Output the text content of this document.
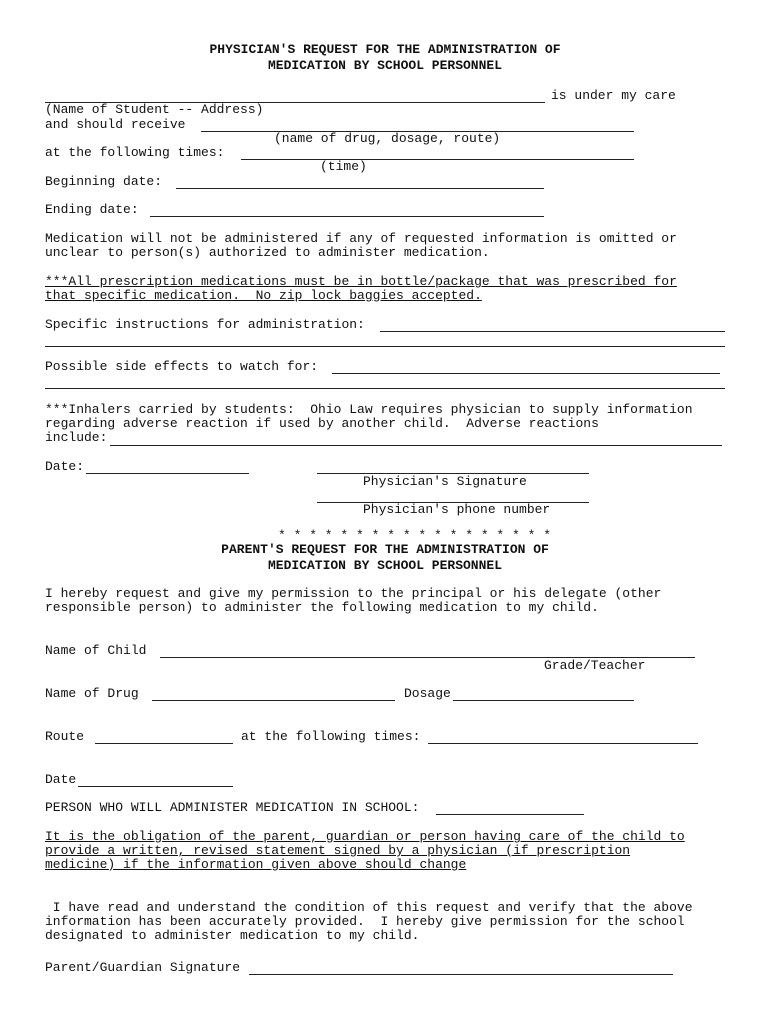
PHYSICIAN'S REQUEST FOR THE ADMINISTRATION OF
MEDICATION BY SCHOOL PERSONNEL
is under my care
(Name of Student -- Address)
and should receive
(name of drug, dosage, route)
at the following times:
(time)
Beginning date:
Ending date:
Medication will not be administered if any of requested information is omitted or
unclear to person(s) authorized to administer medication.
***All prescription medications must be in bottle/package that was prescribed for
that specific medication.  No zip lock baggies accepted.
Specific instructions for administration:
Possible side effects to watch for:
***Inhalers carried by students:  Ohio Law requires physician to supply information
regarding adverse reaction if used by another child.  Adverse reactions
include:
Date:
Physician's Signature
Physician's phone number
* * * * * * * * * * * * * * * * * *
PARENT'S REQUEST FOR THE ADMINISTRATION OF
MEDICATION BY SCHOOL PERSONNEL
I hereby request and give my permission to the principal or his delegate (other
responsible person) to administer the following medication to my child.
Name of Child
Grade/Teacher
Name of Drug	Dosage
Route	at the following times:
Date
PERSON WHO WILL ADMINISTER MEDICATION IN SCHOOL:
It is the obligation of the parent, guardian or person having care of the child to
provide a written, revised statement signed by a physician (if prescription
medicine) if the information given above should change
I have read and understand the condition of this request and verify that the above
information has been accurately provided.  I hereby give permission for the school
designated to administer medication to my child.
Parent/Guardian Signature
